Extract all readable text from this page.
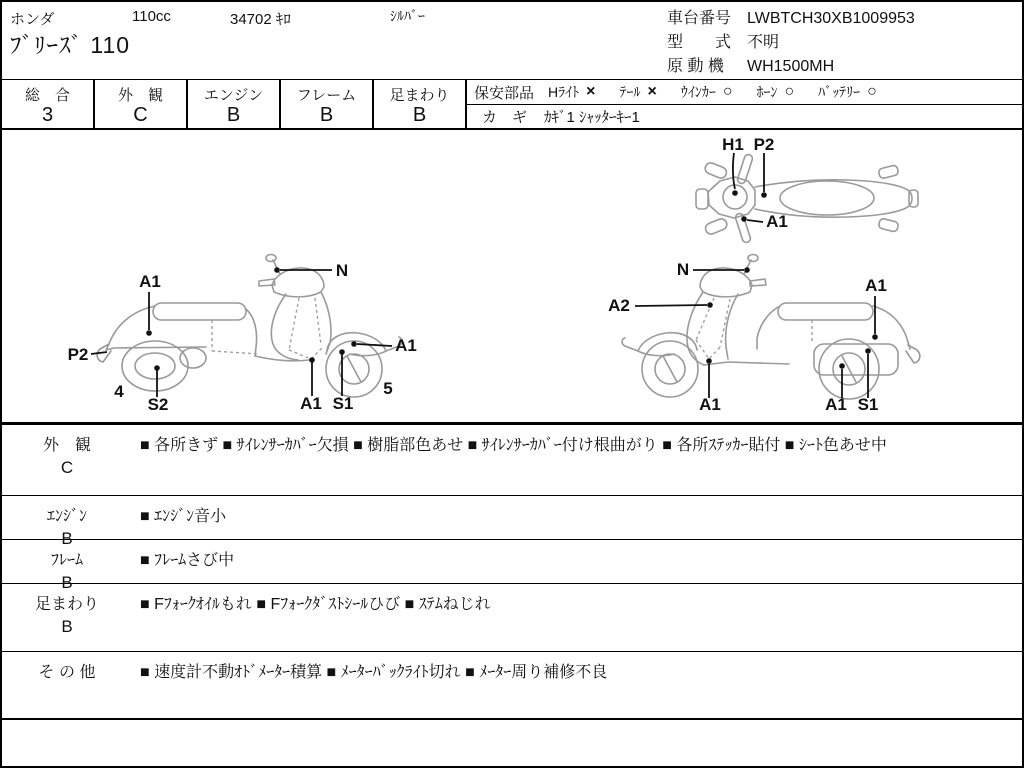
ホンダ	110cc	34702 ｷﾛ	ｼﾙﾊﾞｰ
ﾌﾞﾘｰｽﾞ 110
車台番号 LWBTCH30XB1009953
型　　式 不明
原 動 機 WH1500MH
総　合
3
外　観
C
エンジン
B
フレーム
B
足まわり
B
保安部品 Hﾗｲﾄ × ﾃｰﾙ × ｳｲﾝｶｰ ○ ﾎｰﾝ ○ ﾊﾞｯﾃﾘｰ ○
カ　ギ	ｶｷﾞ1 ｼｬｯﾀｰｷｰ1
H1 P2
A1
A1
N
P2
4
S2	A1 S1
A1
5
N
A2
A1
A1
A1 S1
外　観
C
■ 各所きず ■ ｻｲﾚﾝｻｰｶﾊﾞｰ欠損 ■ 樹脂部色あせ ■ ｻｲﾚﾝｻｰｶﾊﾞｰ付け根曲がり ■ 各所ｽﾃｯｶｰ貼付 ■ ｼｰﾄ色あせ中
ｴﾝｼﾞﾝ
B
■ ｴﾝｼﾞﾝ音小
ﾌﾚｰﾑ
B
■ ﾌﾚｰﾑさび中
足まわり
B
■ Fﾌｫｰｸｵｲﾙもれ ■ Fﾌｫｰｸﾀﾞｽﾄｼｰﾙひび ■ ｽﾃﾑねじれ
そ の 他	■ 速度計不動ｵﾄﾞﾒｰﾀｰ積算 ■ ﾒｰﾀｰﾊﾞｯｸﾗｲﾄ切れ ■ ﾒｰﾀｰ周り補修不良
